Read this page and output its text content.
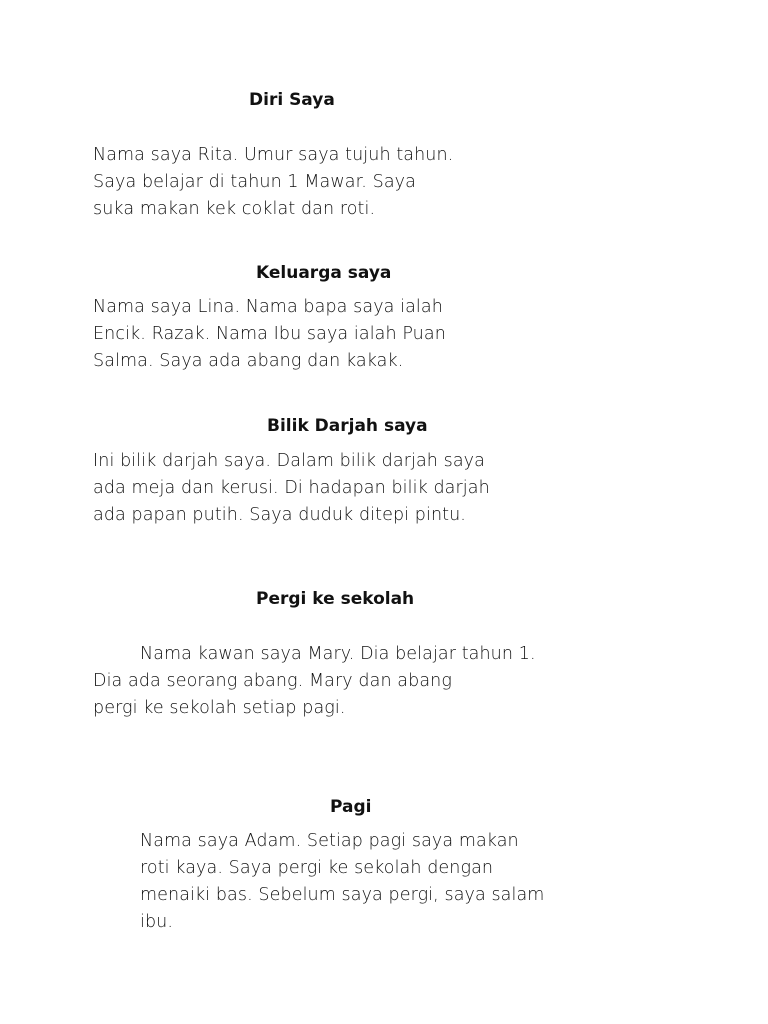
Diri Saya
Nama saya Rita. Umur saya tujuh tahun.
Saya belajar di tahun 1 Mawar. Saya
suka makan kek coklat dan roti.
Keluarga saya
Nama saya Lina. Nama bapa saya ialah
Encik. Razak. Nama Ibu saya ialah Puan
Salma. Saya ada abang dan kakak.
Bilik Darjah saya
Ini bilik darjah saya. Dalam bilik darjah saya
ada meja dan kerusi. Di hadapan bilik darjah
ada papan putih. Saya duduk ditepi pintu.
Pergi ke sekolah
Nama kawan saya Mary. Dia belajar tahun 1.
Dia ada seorang abang. Mary dan abang
pergi ke sekolah setiap pagi.
Pagi
Nama saya Adam. Setiap pagi saya makan
roti kaya. Saya pergi ke sekolah dengan
menaiki bas. Sebelum saya pergi, saya salam
ibu.
